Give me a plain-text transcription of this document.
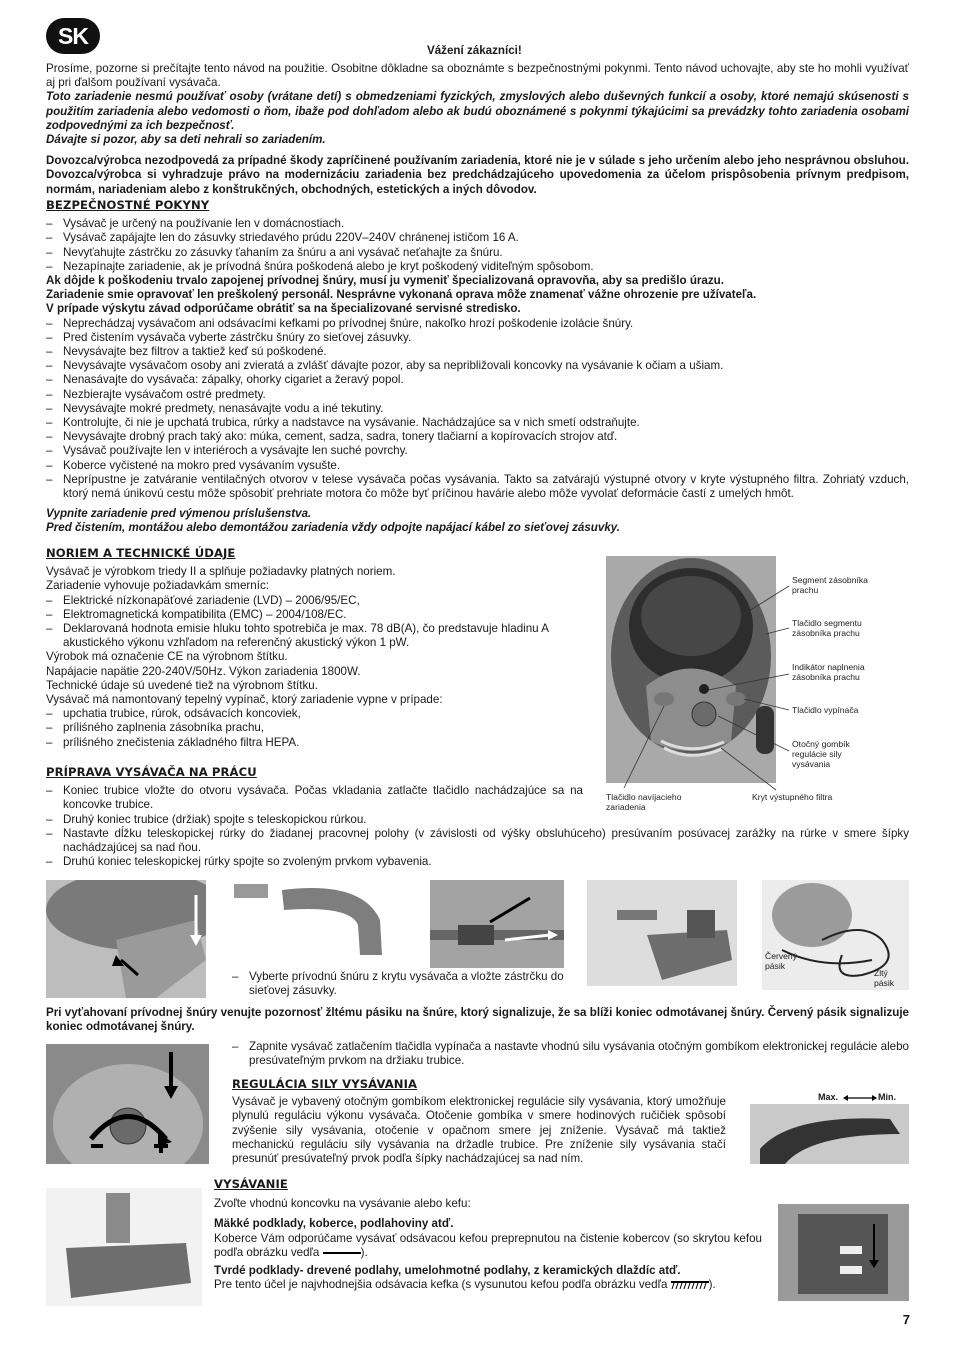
SK
Vážení zákazníci!

Prosíme, pozorne si prečítajte tento návod na použitie. Osobitne dôkladne sa oboznámte s bezpečnostnými pokynmi. Tento návod uchovajte, aby ste ho mohli využívať aj pri ďalšom používaní vysávača.

Toto zariadenie nesmú používať osoby (vrátane detí) s obmedzeniami fyzických, zmyslových alebo duševných funkcií a osoby, ktoré nemajú skúsenosti s použitím zariadenia alebo vedomosti o ňom, ibaže pod dohľadom alebo ak budú oboznámené s pokynmi týkajúcimi sa prevádzky tohto zariadenia osobami zodpovednými za ich bezpečnosť.

Dávajte si pozor, aby sa deti nehrali so zariadením.

Dovozca/výrobca nezodpovedá za prípadné škody zapríčinené používaním zariadenia, ktoré nie je v súlade s jeho určením alebo jeho nesprávnou obsluhou. Dovozca/výrobca si vyhradzuje právo na modernizáciu zariadenia bez predchádzajúceho upovedomenia za účelom prispôsobenia prívnym predpisom, normám, nariadeniam alebo z konštrukčných, obchodných, estetických a iných dôvodov.

BEZPEČNOSTNÉ POKYNY
– Vysávač je určený na používanie len v domácnostiach.
– Vysávač zapájajte len do zásuvky striedavého prúdu 220V–240V chránenej ističom 16 A.
– Nevyťahujte zástrčku zo zásuvky ťahaním za šnúru a ani vysávač neťahajte za šnúru.
– Nezapínajte zariadenie, ak je prívodná šnúra poškodená alebo je kryt poškodený viditeľným spôsobom.

Ak dôjde k poškodeniu trvalo zapojenej prívodnej šnúry, musí ju vymeniť špecializovaná opravovňa, aby sa predišlo úrazu.

Zariadenie smie opravovať len preškolený personál. Nesprávne vykonaná oprava môže znamenať vážne ohrozenie pre užívateľa.

V prípade výskytu závad odporúčame obrátiť sa na špecializované servisné stredisko.

– Neprechádzaj vysávačom ani odsávacími kefkami po prívodnej šnúre, nakoľko hrozí poškodenie izolácie šnúry.
– Pred čistením vysávača vyberte zástrčku šnúry zo sieťovej zásuvky.
– Nevysávajte bez filtrov a taktiež keď sú poškodené.
– Nevysávajte vysávačom osoby ani zvieratá a zvlášť dávajte pozor, aby sa nepribližovali koncovky na vysávanie k očiam a ušiam.
– Nenasávajte do vysávača: zápalky, ohorky cigariet a žeravý popol.
– Nezbierajte vysávačom ostré predmety.
– Nevysávajte mokré predmety, nenasávajte vodu a iné tekutiny.
– Kontrolujte, či nie je upchatá trubica, rúrky a nadstavce na vysávanie. Nachádzajúce sa v nich smetí odstraňujte.
– Nevysávajte drobný prach taký ako: múka, cement, sadza, sadra, tonery tlačiarní a kopírovacích strojov atď.
– Vysávač používajte len v interiéroch a vysávajte len suché povrchy.
– Koberce vyčistené na mokro pred vysávaním vysušte.
– Neprípustne je zatváranie ventilačných otvorov v telese vysávača počas vysávania. Takto sa zatvárajú výstupné otvory v kryte výstupného filtra. Zohriatý vzduch, ktorý nemá únikovú cestu môže spôsobiť prehriate motora čo môže byť príčinou havárie alebo môže vyvolať deformácie častí z umelých hmôt.

Vypnite zariadenie pred výmenou príslušenstva.

Pred čistením, montážou alebo demontážou zariadenia vždy odpojte napájací kábel zo sieťovej zásuvky.

NORIEM A TECHNICKÉ ÚDAJE

Vysávač je výrobkom triedy II a splňuje požiadavky platných noriem.

Zariadenie vyhovuje požiadavkám smerníc:

– Elektrické nízkonapäťové zariadenie (LVD) – 2006/95/EC,
– Elektromagnetická kompatibilita (EMC) – 2004/108/EC.
– Deklarovaná hodnota emisie hluku tohto spotrebiča je max. 78 dB(A), čo predstavuje hladinu A akustického výkonu vzhľadom na referenčný akustický výkon 1 pW.

Výrobok má označenie CE na výrobnom štítku.

Napájacie napätie 220-240V/50Hz. Výkon zariadenia 1800W.

Technické údaje sú uvedené tiež na výrobnom štítku.

Vysávač má namontovaný tepelný vypínač, ktorý zariadenie vypne v prípade:

– upchatia trubice, rúrok, odsávacích koncoviek,
– príliśného zaplnenia zásobníka prachu,
– príliśného znečistenia základného filtra HEPA.
Segment zásobníka prachu
Tlačidlo segmentu zásobníka prachu
Indikátor naplnenia zásobníka prachu
Tlačidlo vypínača
Otočný gombík regulácie sily vysávania
Tlačidlo navíjacieho zariadenia
Kryt výstupného filtra
PRÍPRAVA VYSÁVAČA NA PRÁCU
– Koniec trubice vložte do otvoru vysávača. Počas vkladania zatlačte tlačidlo nachádzajúce sa na koncovke trubice.
– Druhý koniec trubice (držiak) spojte s teleskopickou rúrkou.
– Nastavte dĺžku teleskopickej rúrky do žiadanej pracovnej polohy (v závislosti od výšky obsluhúceho) presúvaním posúvacej zarážky na rúrke v smere šípky nachádzajúcej sa nad ňou.
– Druhú koniec teleskopickej rúrky spojte so zvoleným prvkom vybavenia.
Červený pásik
Žltý pásik
– Vyberte prívodnú šnúru z krytu vysávača a vložte zástrčku do sieťovej zásuvky.

Pri vyťahovaní prívodnej šnúry venujte pozornosť žltému pásiku na šnúre, ktorý signalizuje, že sa blíži koniec odmotávanej šnúry. Červený pásik signalizuje koniec odmotávanej šnúry.

– Zapnite vysávač zatlačením tlačidla vypínača a nastavte vhodnú silu vysávania otočným gombíkom elektronickej regulácie alebo presúvateľným prvkom na držiaku trubice.
REGULÁCIA SILY VYSÁVANIA

Vysávač je vybavený otočným gombíkom elektronickej regulácie sily vysávania, ktorý umožňuje plynulú reguláciu výkonu vysávača. Otočenie gombíka v smere hodinových ručičiek spôsobí zvýšenie sily vysávania, otočenie v opačnom smere jej zníženie. Vysávač má taktiež mechanickú reguláciu sily vysávania na držadle trubice. Pre zníženie sily vysávania stačí presunúť presúvateľný prvok podľa šípky nachádzajúcej sa nad ním.

Max.	Min.
VYSÁVANIE

Zvoľte vhodnú koncovku na vysávanie alebo kefu:

Mäkké podklady, koberce, podlahoviny atď.

Koberce Vám odporúčame vysávať odsávacou kefou preprepnutou na čistenie kobercov (so skrytou kefou podľa obrázku vedľa	).

Tvrdé podklady- drevené podlahy, umelohmotné podlahy, z keramických dlaždíc atď.

Pre tento účel je najvhodnejšia odsávacia kefka (s vysunutou kefou podľa obrázku vedľa	).

7
